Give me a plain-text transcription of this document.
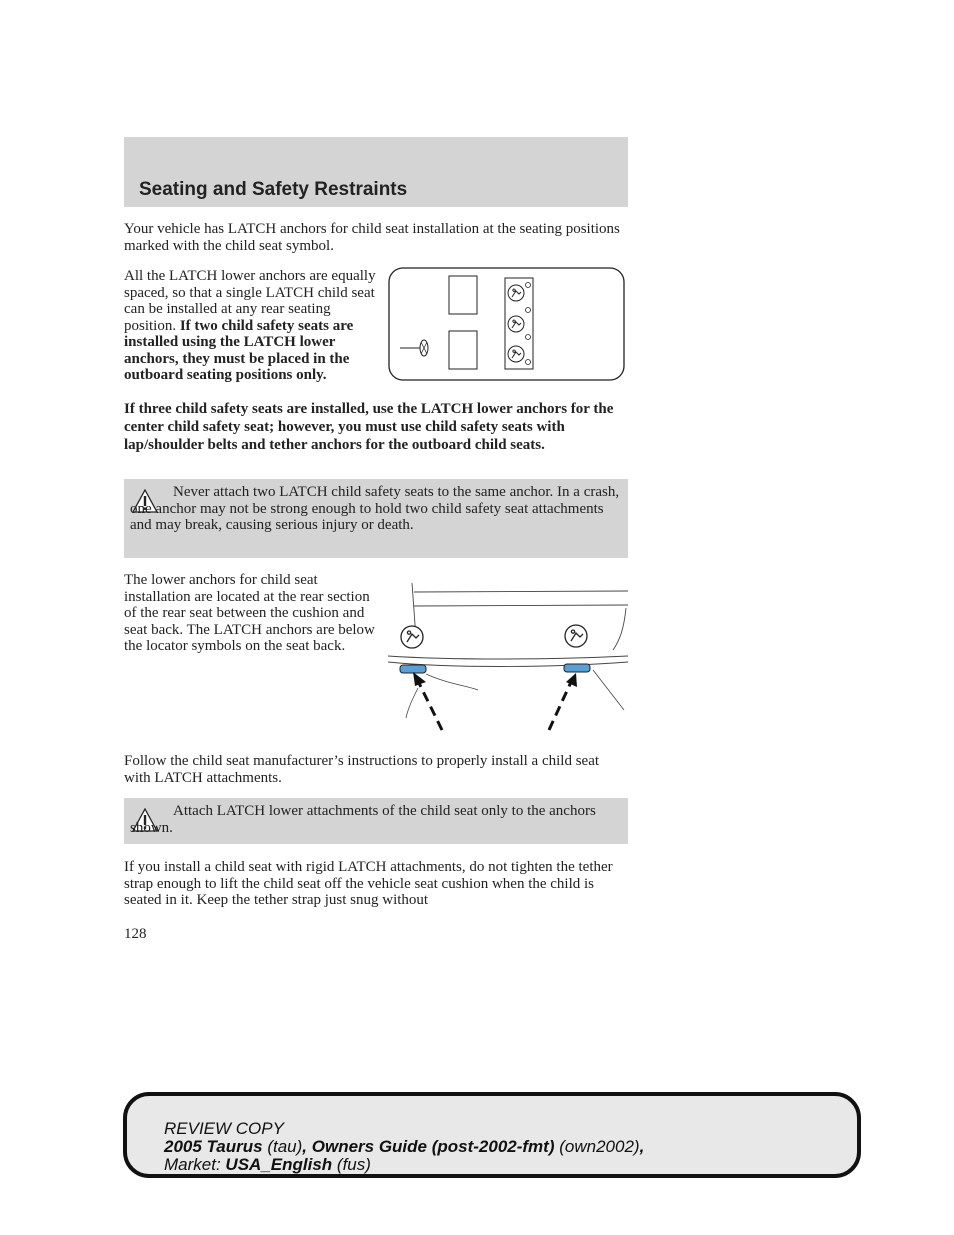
Seating and Safety Restraints

Your vehicle has LATCH anchors for child seat installation at the seating positions marked with the child seat symbol.

All the LATCH lower anchors are equally spaced, so that a single LATCH child seat can be installed at any rear seating position. If two child safety seats are installed using the LATCH lower anchors, they must be placed in the outboard seating positions only.

If three child safety seats are installed, use the LATCH lower anchors for the center child safety seat; however, you must use child safety seats with lap/shoulder belts and tether anchors for the outboard child seats.

Never attach two LATCH child safety seats to the same anchor. In a crash, one anchor may not be strong enough to hold two child safety seat attachments and may break, causing serious injury or death.

The lower anchors for child seat installation are located at the rear section of the rear seat between the cushion and seat back. The LATCH anchors are below the locator symbols on the seat back.

Follow the child seat manufacturer’s instructions to properly install a child seat with LATCH attachments.

Attach LATCH lower attachments of the child seat only to the anchors shown.

If you install a child seat with rigid LATCH attachments, do not tighten the tether strap enough to lift the child seat off the vehicle seat cushion when the child is seated in it. Keep the tether strap just snug without

128
REVIEW COPY
2005 Taurus (tau), Owners Guide (post-2002-fmt) (own2002),
Market: USA_English (fus)
